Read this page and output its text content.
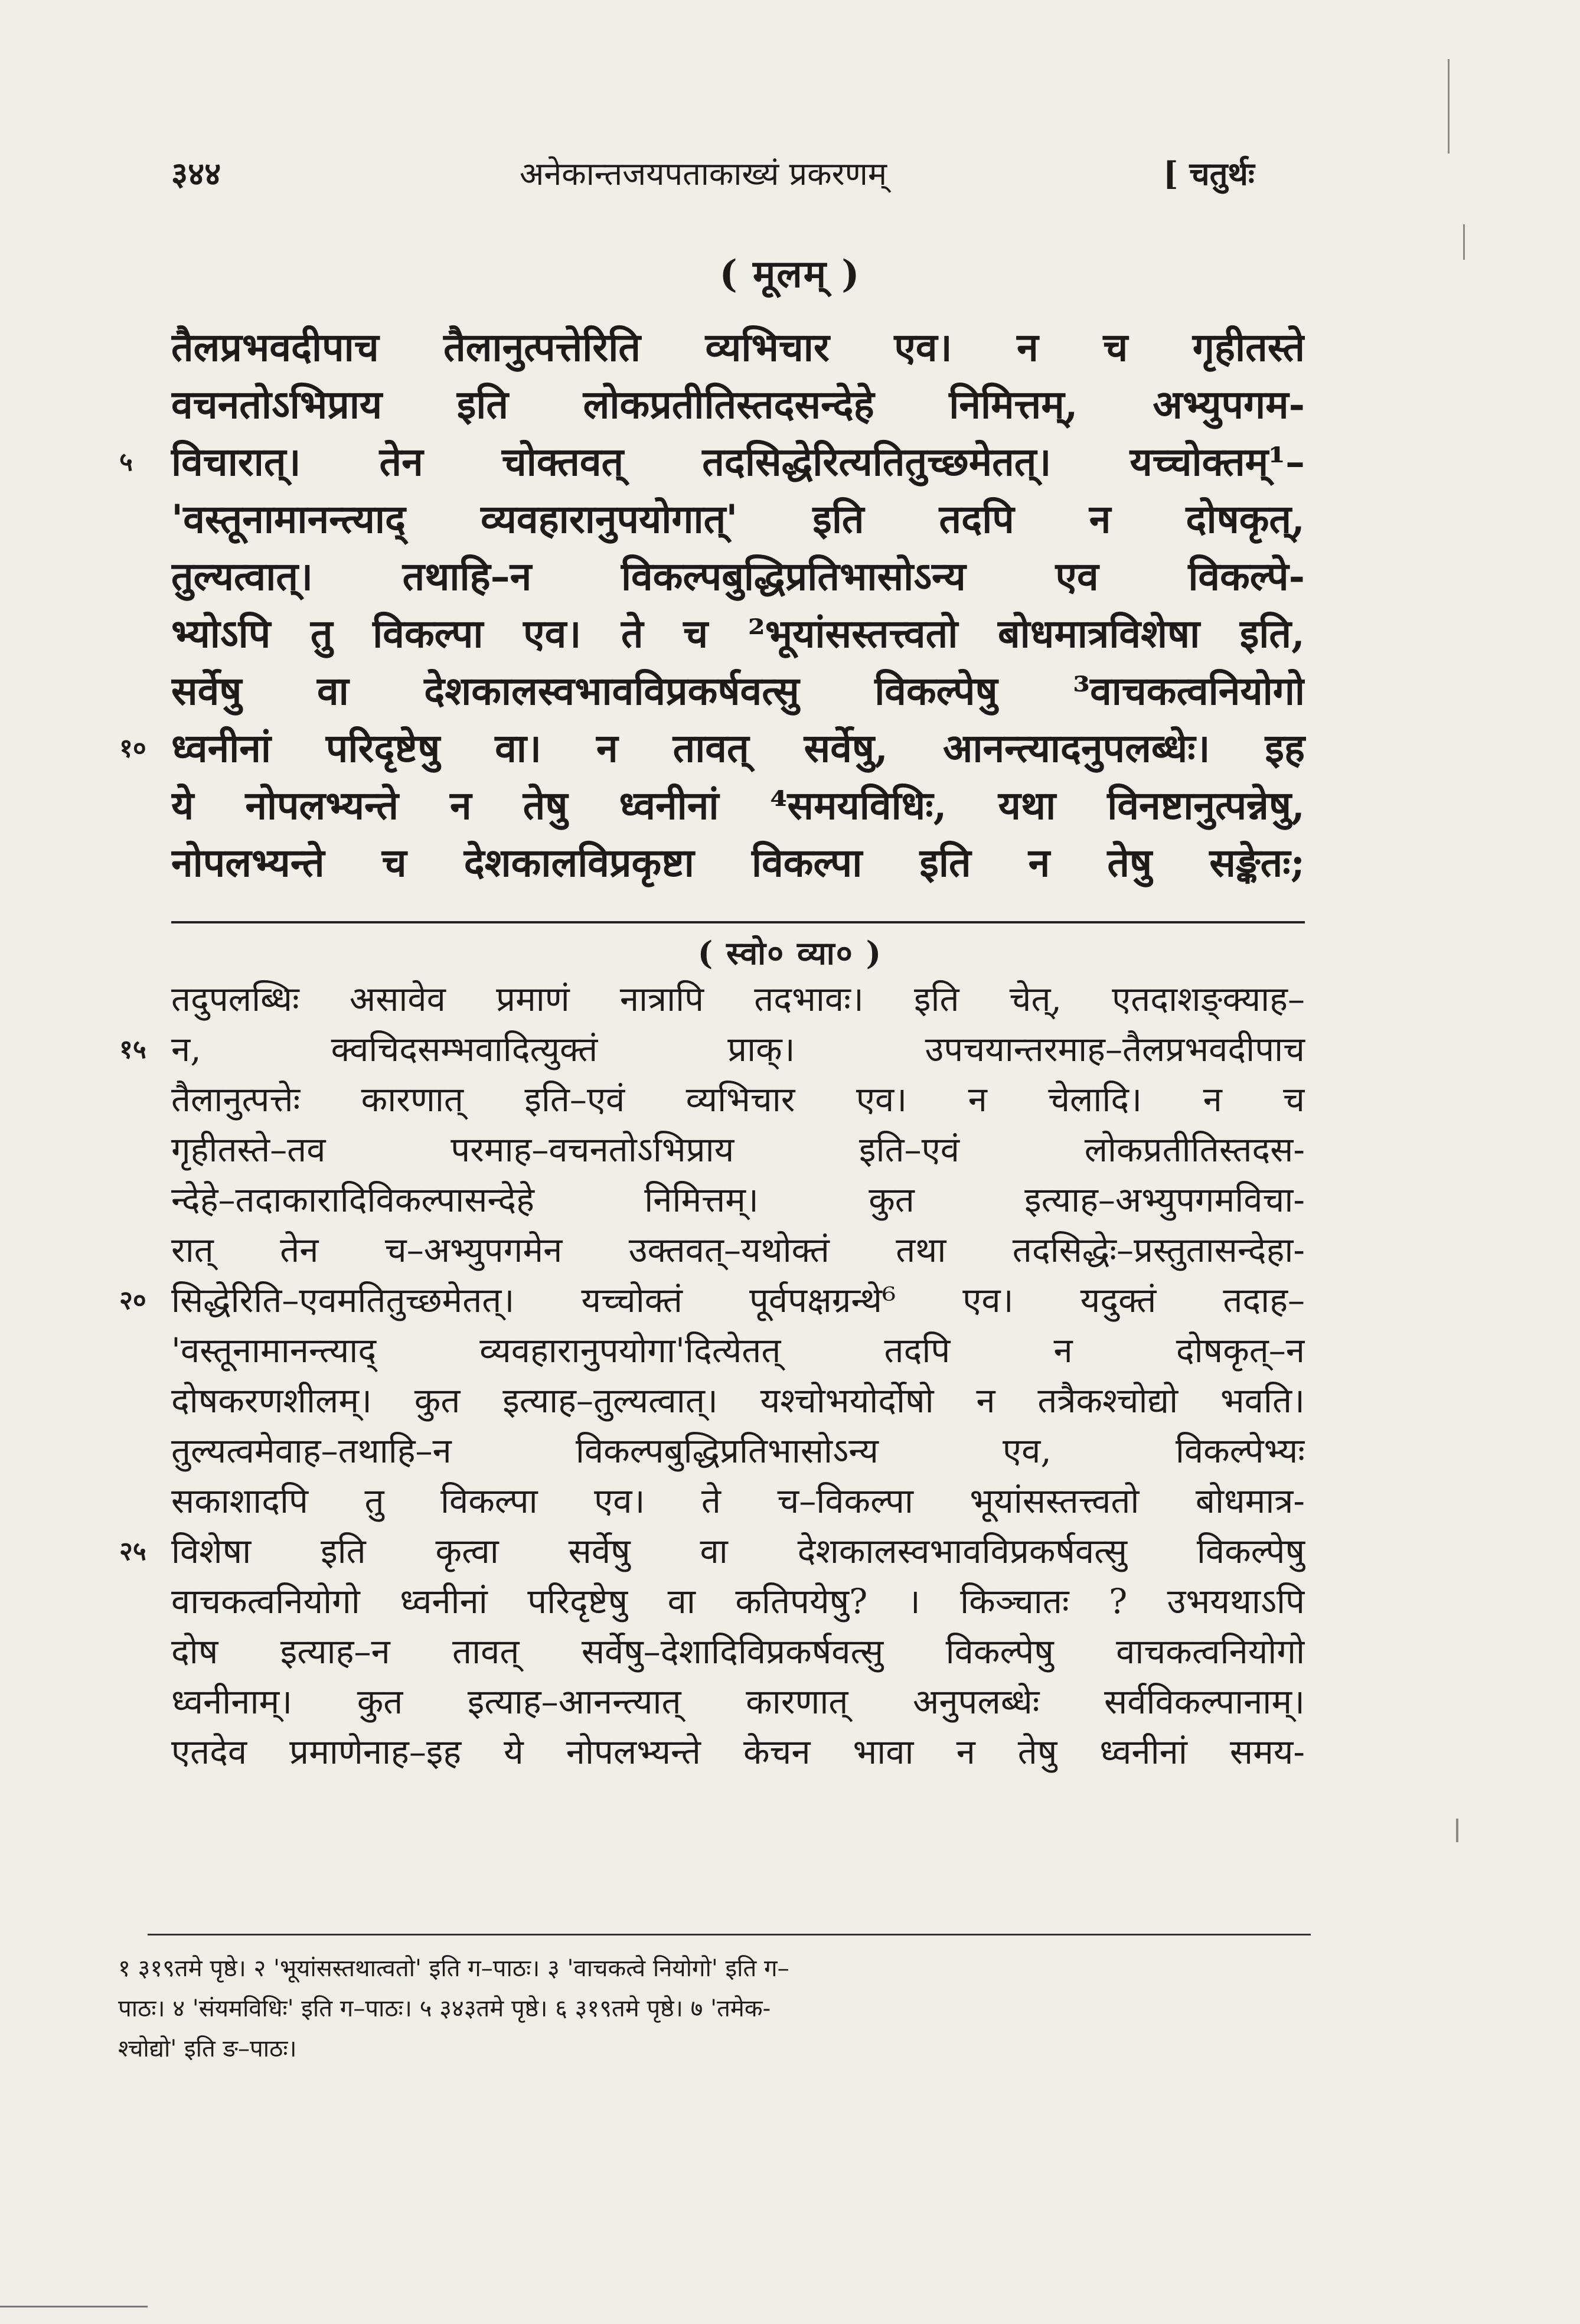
३४४	अनेकान्तजयपताकाख्यं प्रकरणम्	[ चतुर्थः
( मूलम् )
तैलप्रभवदीपाच तैलानुत्पत्तेरिति व्यभिचार एव। न च गृहीतस्ते
वचनतोऽभिप्राय इति लोकप्रतीतिस्तदसन्देहे निमित्तम्, अभ्युपगम-
५ विचारात्। तेन चोक्तवत् तदसिद्धेरित्यतितुच्छमेतत्। यच्चोक्तम्¹–
'वस्तूनामानन्त्याद् व्यवहारानुपयोगात्' इति तदपि न दोषकृत्,
तुल्यत्वात्। तथाहि–न विकल्पबुद्धिप्रतिभासोऽन्य एव विकल्पे-
भ्योऽपि तु विकल्पा एव। ते च ²भूयांसस्तत्त्वतो बोधमात्रविशेषा इति,
सर्वेषु वा देशकालस्वभावविप्रकर्षवत्सु विकल्पेषु ³वाचकत्वनियोगो
१० ध्वनीनां परिदृष्टेषु वा। न तावत् सर्वेषु, आनन्त्यादनुपलब्धेः। इह
ये नोपलभ्यन्ते न तेषु ध्वनीनां ⁴समयविधिः, यथा विनष्टानुत्पन्नेषु,
नोपलभ्यन्ते च देशकालविप्रकृष्टा विकल्पा इति न तेषु सङ्केतः;
( स्वो० व्या० )
तदुपलब्धिः असावेव प्रमाणं नात्रापि तदभावः। इति चेत्, एतदाशङ्क्याह–
१५ न, क्वचिदसम्भवादित्युक्तं प्राक्। उपचयान्तरमाह–तैलप्रभवदीपाच
तैलानुत्पत्तेः कारणात् इति–एवं व्यभिचार एव। न चेलादि। न च
गृहीतस्ते–तव परमाह–वचनतोऽभिप्राय इति–एवं लोकप्रतीतिस्तदस-
न्देहे–तदाकारादिविकल्पासन्देहे निमित्तम्। कुत इत्याह–अभ्युपगमविचा-
रात् तेन च–अभ्युपगमेन उक्तवत्–यथोक्तं तथा तदसिद्धेः–प्रस्तुतासन्देहा-
२० सिद्धेरिति–एवमतितुच्छमेतत्। यच्चोक्तं पूर्वपक्षग्रन्थे⁶ एव। यदुक्तं तदाह–
'वस्तूनामानन्त्याद् व्यवहारानुपयोगा'दित्येतत् तदपि न दोषकृत्–न
दोषकरणशीलम्। कुत इत्याह–तुल्यत्वात्। यश्चोभयोर्दोषो न तत्रैकश्चोद्यो भवति।
तुल्यत्वमेवाह–तथाहि–न विकल्पबुद्धिप्रतिभासोऽन्य एव, विकल्पेभ्यः
सकाशादपि तु विकल्पा एव। ते च–विकल्पा भूयांसस्तत्त्वतो बोधमात्र-
२५ विशेषा इति कृत्वा सर्वेषु वा देशकालस्वभावविप्रकर्षवत्सु विकल्पेषु
वाचकत्वनियोगो ध्वनीनां परिदृष्टेषु वा कतिपयेषु? । किञ्चातः ? उभयथाऽपि
दोष इत्याह–न तावत् सर्वेषु–देशादिविप्रकर्षवत्सु विकल्पेषु वाचकत्वनियोगो
ध्वनीनाम्। कुत इत्याह–आनन्त्यात् कारणात् अनुपलब्धेः सर्वविकल्पानाम्।
एतदेव प्रमाणेनाह–इह ये नोपलभ्यन्ते केचन भावा न तेषु ध्वनीनां समय-
१ ३१९तमे पृष्ठे। २ 'भूयांसस्तथात्वतो' इति ग–पाठः। ३ 'वाचकत्वे नियोगो' इति ग–
पाठः। ४ 'संयमविधिः' इति ग–पाठः। ५ ३४३तमे पृष्ठे। ६ ३१९तमे पृष्ठे। ७ 'तमेक-
श्चोद्यो' इति ङ–पाठः।
